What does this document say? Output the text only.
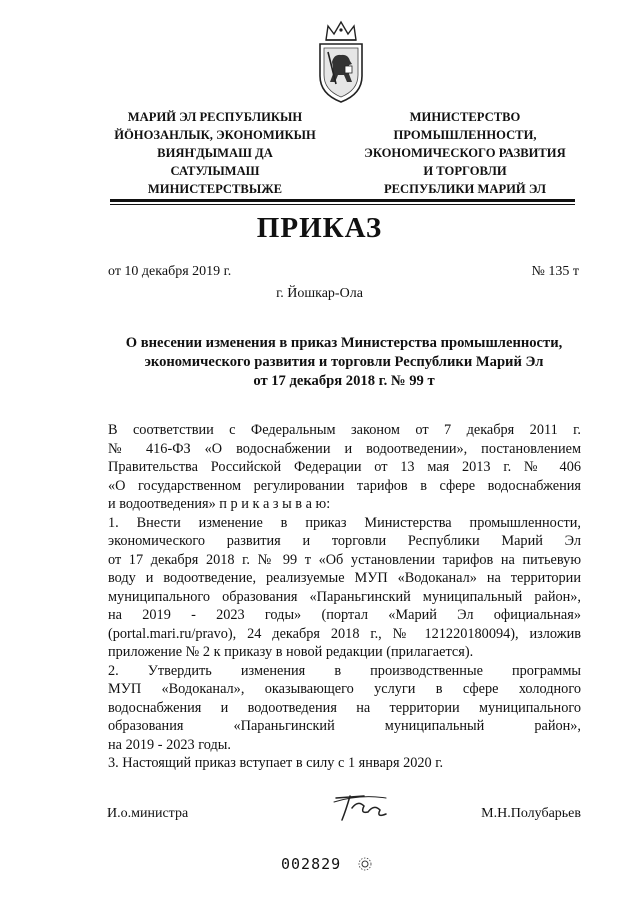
МАРИЙ ЭЛ РЕСПУБЛИКЫН
ЙӦНОЗАНЛЫК, ЭКОНОМИКЫН
ВИЯҤДЫМАШ ДА
САТУЛЫМАШ
МИНИСТЕРСТВЫЖЕ
МИНИСТЕРСТВО
ПРОМЫШЛЕННОСТИ,
ЭКОНОМИЧЕСКОГО РАЗВИТИЯ
И ТОРГОВЛИ
РЕСПУБЛИКИ МАРИЙ ЭЛ
ПРИКАЗ
от 10 декабря 2019 г.	№ 135 т
г. Йошкар-Ола
О внесении изменения в приказ Министерства промышленности,
экономического развития и торговли Республики Марий Эл
от 17 декабря 2018 г. № 99 т

В соответствии с Федеральным законом от 7 декабря 2011 г.

№ 416-ФЗ «О водоснабжении и водоотведении», постановлением

Правительства Российской Федерации от 13 мая 2013 г. № 406

«О государственном регулировании тарифов в сфере водоснабжения

и водоотведения» п р и к а з ы в а ю:

1. Внести изменение в приказ Министерства промышленности,

экономического развития и торговли Республики Марий Эл

от 17 декабря 2018 г. № 99 т «Об установлении тарифов на питьевую

воду и водоотведение, реализуемые МУП «Водоканал» на территории

муниципального образования «Параньгинский муниципальный район»,

на 2019 - 2023 годы» (портал «Марий Эл официальная»

(portal.mari.ru/pravo), 24 декабря 2018 г., № 121220180094), изложив

приложение № 2 к приказу в новой редакции (прилагается).

2. Утвердить изменения в производственные программы

МУП «Водоканал», оказывающего услуги в сфере холодного

водоснабжения и водоотведения на территории муниципального

образования «Параньгинский муниципальный район»,

на 2019 - 2023 годы.

3. Настоящий приказ вступает в силу с 1 января 2020 г.

И.о.министра	М.Н.Полубарьев
002829
